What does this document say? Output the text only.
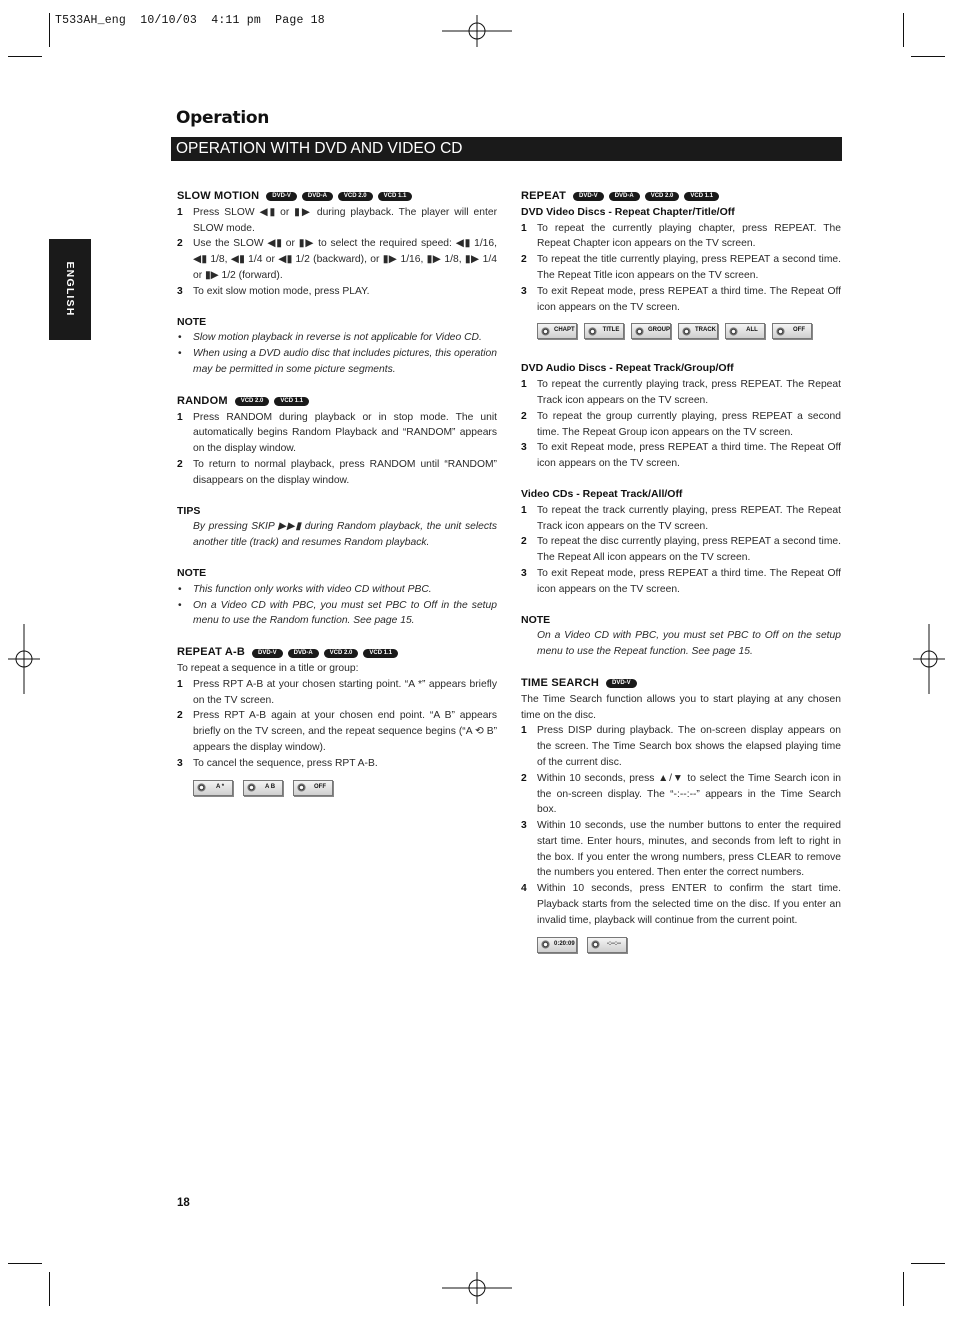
T533AH_eng  10/10/03  4:11 pm  Page 18
Operation
OPERATION WITH DVD AND VIDEO CD
ENGLISH
SLOW MOTION	DVD-V	DVD-A	VCD 2.0	VCD 1.1

1 Press SLOW ◀▮ or ▮▶ during playback. The player will enter SLOW mode.

2 Use the SLOW ◀▮ or ▮▶ to select the required speed: ◀▮ 1/16, ◀▮ 1/8, ◀▮ 1/4 or ◀▮ 1/2 (backward), or ▮▶ 1/16, ▮▶ 1/8, ▮▶ 1/4 or ▮▶ 1/2 (forward).

3 To exit slow motion mode, press PLAY.

NOTE

• Slow motion playback in reverse is not applicable for Video CD.

• When using a DVD audio disc that includes pictures, this operation may be permitted in some picture segments.

RANDOM	VCD 2.0	VCD 1.1

1 Press RANDOM during playback or in stop mode. The unit automatically begins Random Playback and “RANDOM” appears on the display window.

2 To return to normal playback, press RANDOM until “RANDOM” disappears on the display window.

TIPS

By pressing SKIP ▶▶▮ during Random playback, the unit selects another title (track) and resumes Random playback.

NOTE

• This function only works with video CD without PBC.

• On a Video CD with PBC, you must set PBC to Off in the setup menu to use the Random function. See page 15.

REPEAT A-B	DVD-V	DVD-A	VCD 2.0	VCD 1.1

To repeat a sequence in a title or group:

1 Press RPT A-B at your chosen starting point. “A *” appears briefly on the TV screen.

2 Press RPT A-B again at your chosen end point. “A B” appears briefly on the TV screen, and the repeat sequence begins (“A ⟲ B” appears the display window).

3 To cancel the sequence, press RPT A-B.

A *	A B	OFF
REPEAT	DVD-V	DVD-A	VCD 2.0	VCD 1.1
DVD Video Discs - Repeat Chapter/Title/Off

1 To repeat the currently playing chapter, press REPEAT. The Repeat Chapter icon appears on the TV screen.

2 To repeat the title currently playing, press REPEAT a second time. The Repeat Title icon appears on the TV screen.

3 To exit Repeat mode, press REPEAT a third time. The Repeat Off icon appears on the TV screen.

CHAPT	TITLE	GROUP	TRACK	ALL	OFF
DVD Audio Discs - Repeat Track/Group/Off

1 To repeat the currently playing track, press REPEAT. The Repeat Track icon appears on the TV screen.

2 To repeat the group currently playing, press REPEAT a second time. The Repeat Group icon appears on the TV screen.

3 To exit Repeat mode, press REPEAT a third time. The Repeat Off icon appears on the TV screen.

Video CDs - Repeat Track/All/Off

1 To repeat the track currently playing, press REPEAT. The Repeat Track icon appears on the TV screen.

2 To repeat the disc currently playing, press REPEAT a second time. The Repeat All icon appears on the TV screen.

3 To exit Repeat mode, press REPEAT a third time. The Repeat Off icon appears on the TV screen.

NOTE

On a Video CD with PBC, you must set PBC to Off on the setup menu to use the Repeat function. See page 15.

TIME SEARCH	DVD-V

The Time Search function allows you to start playing at any chosen time on the disc.

1 Press DISP during playback. The on-screen display appears on the screen. The Time Search box shows the elapsed playing time of the current disc.

2 Within 10 seconds, press ▲/▼ to select the Time Search icon in the on-screen display. The “-:--:--” appears in the Time Search box.

3 Within 10 seconds, use the number buttons to enter the required start time. Enter hours, minutes, and seconds from left to right in the box. If you enter the wrong numbers, press CLEAR to remove the numbers you entered. Then enter the correct numbers.

4 Within 10 seconds, press ENTER to confirm the start time. Playback starts from the selected time on the disc. If you enter an invalid time, playback will continue from the current point.

0:20:09	-:--:--
18
